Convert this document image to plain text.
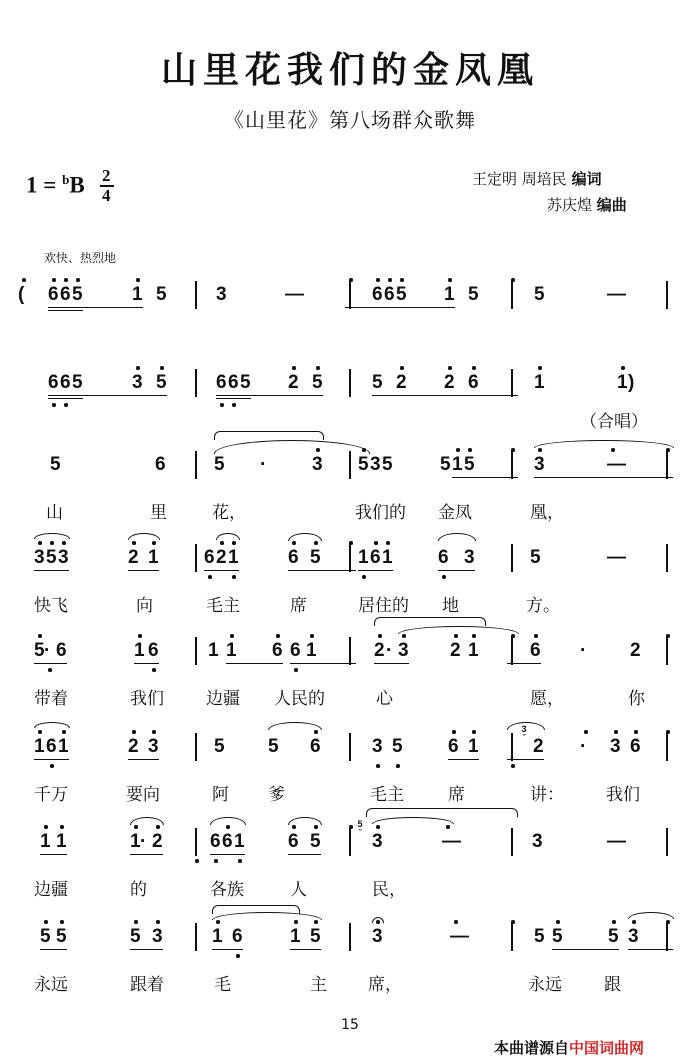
山里花我们的金凤凰
《山里花》第八场群众歌舞
1 = $^b$B 2
4
王定明 周培民 编词
苏庆煌 编曲
欢快、热烈地
( 6 6 5	1 5	3	—	6 6 5 1 5	5	—
6 6 5	3 5	6 6 5 2 5	5 2 2 6	1	1 )
（合唱）
5	6	5 · 3 5 3 5 5 1 5	3	—
山	里	花，	我们的 金凤	凰，
3 5 3	2 1 6 2 1	6 5 1 6 1 6 3	5	—
快飞	向	毛主	席	居住的 地	方。
5 · 6	1 6	1 1 6 6 1	2 · 3 2 1	6 · 2
带着	我们 边疆 人民的	心	愿，	你
1 6 1	2 3	5 5 6	3 5 6 1	2 · 3 6
千万	要向	阿 爹	毛主	席	讲： 我们
1 1	1 · 2 6 6 1 6 5	3	—	3	—
边疆	的	各族	人	民，
5 5	5 3	1 6 1 5	3	—	5 5 5 3
永远	跟着	毛	主 席，	永远 跟
3
ˇ
5
ˇ
15
本曲谱源自中国词曲网
